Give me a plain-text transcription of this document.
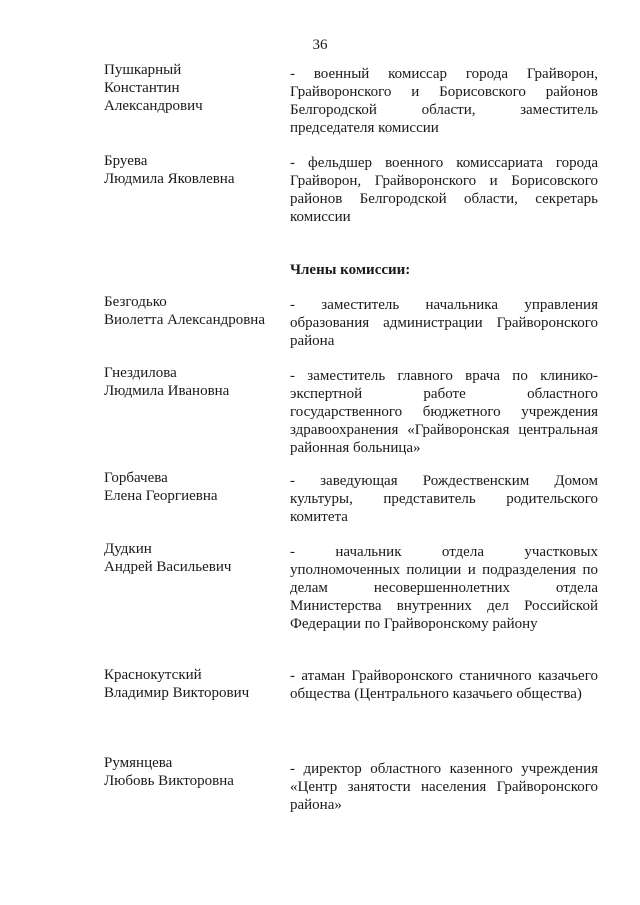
36
Пушкарный
Константин
Александрович
- военный комиссар города Грайворон, Грайворонского и Борисовского районов Белгородской области, заместитель председателя комиссии
Бруева
Людмила Яковлевна
- фельдшер военного комиссариата города Грайворон, Грайворонского и Борисовского районов Белгородской области, секретарь комиссии
Члены комиссии:
Безгодько
Виолетта Александровна
- заместитель начальника управления образования администрации Грайворонского района
Гнездилова
Людмила Ивановна
- заместитель главного врача по клинико-экспертной работе областного государственного бюджетного учреждения здравоохранения «Грайворонская центральная районная больница»
Горбачева
Елена Георгиевна
- заведующая Рождественским Домом культуры, представитель родительского комитета
Дудкин
Андрей Васильевич
- начальник отдела участковых уполномоченных полиции и подразделения по делам несовершеннолетних отдела Министерства внутренних дел Российской Федерации по Грайворонскому району
Краснокутский
Владимир Викторович
- атаман Грайворонского станичного казачьего общества (Центрального казачьего общества)
Румянцева
Любовь Викторовна
- директор областного казенного учреждения «Центр занятости населения Грайворонского района»
